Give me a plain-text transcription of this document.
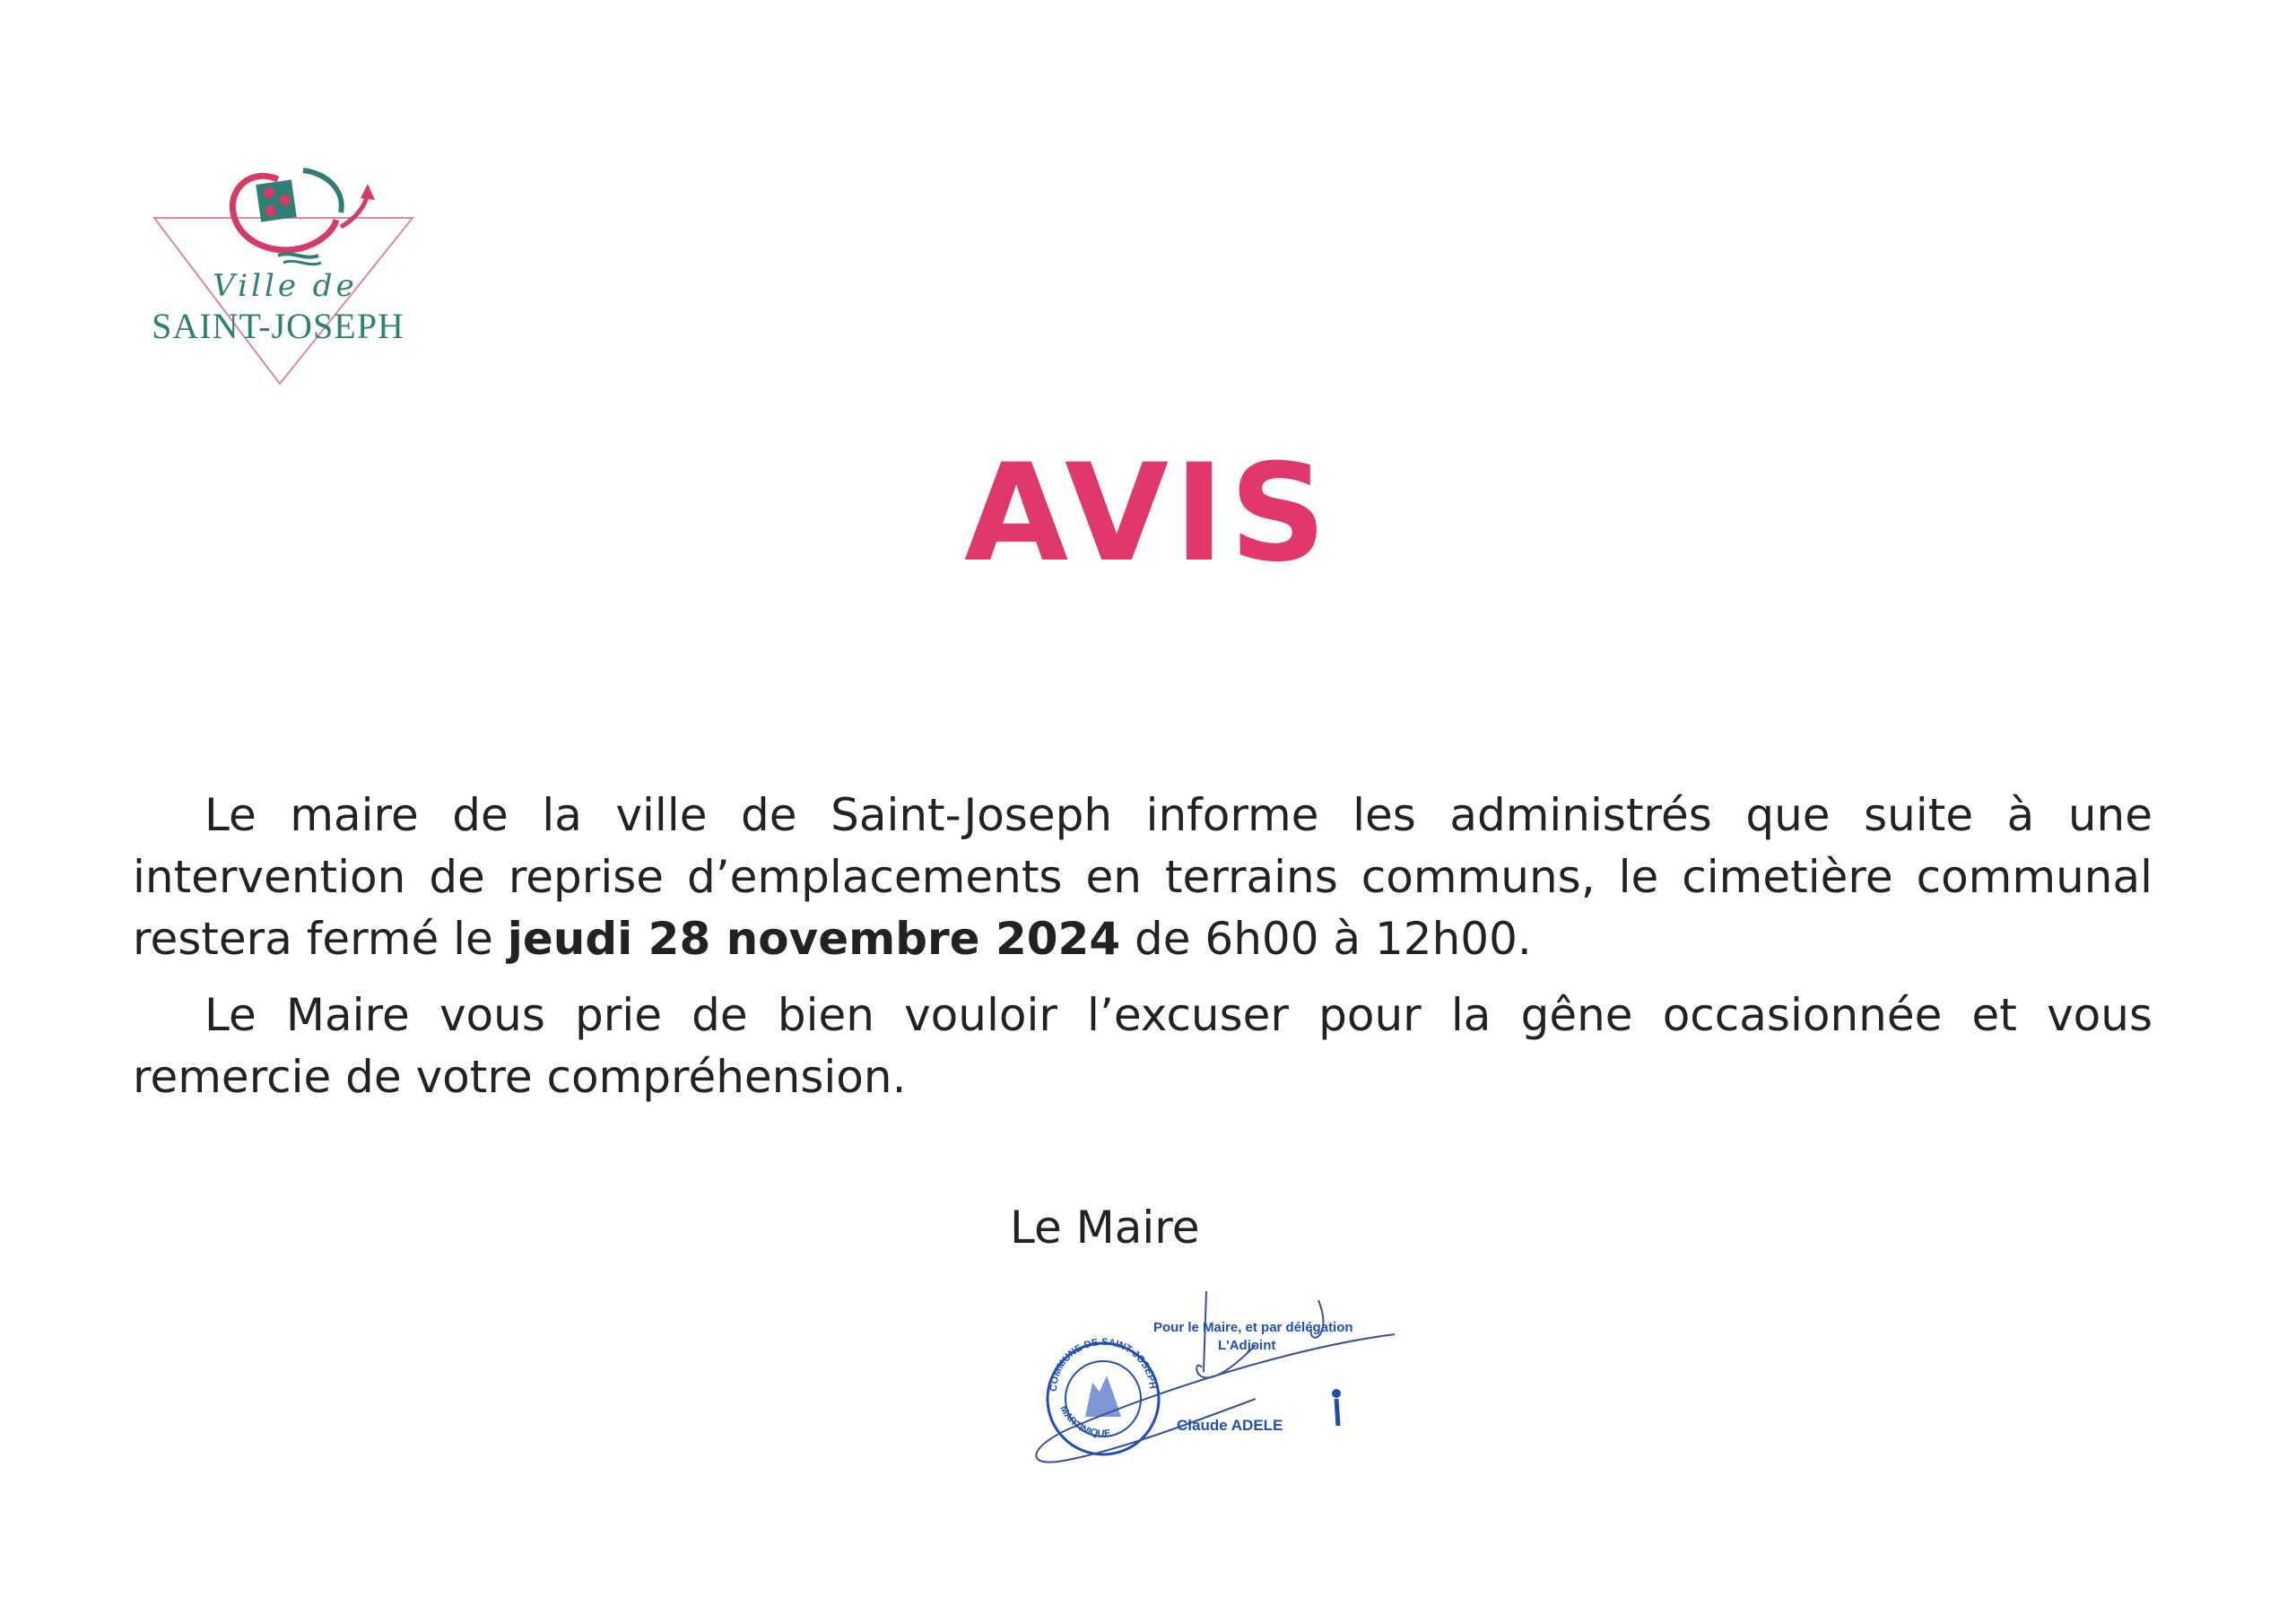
Ville de
SAINT-JOSEPH
AVIS

Le maire de la ville de Saint-Joseph informe les administrés que suite à une intervention de reprise d’emplacements en terrains communs, le cimetière communal restera fermé le jeudi 28 novembre 2024 de 6h00 à 12h00.

Le Maire vous prie de bien vouloir l’excuser pour la gêne occasionnée et vous remercie de votre compréhension.

Le Maire
COMMUNE DE SAINT-JOSEPH
MARTINIQUE
Pour le Maire, et par délégation
L'Adjoint
Claude ADELE
